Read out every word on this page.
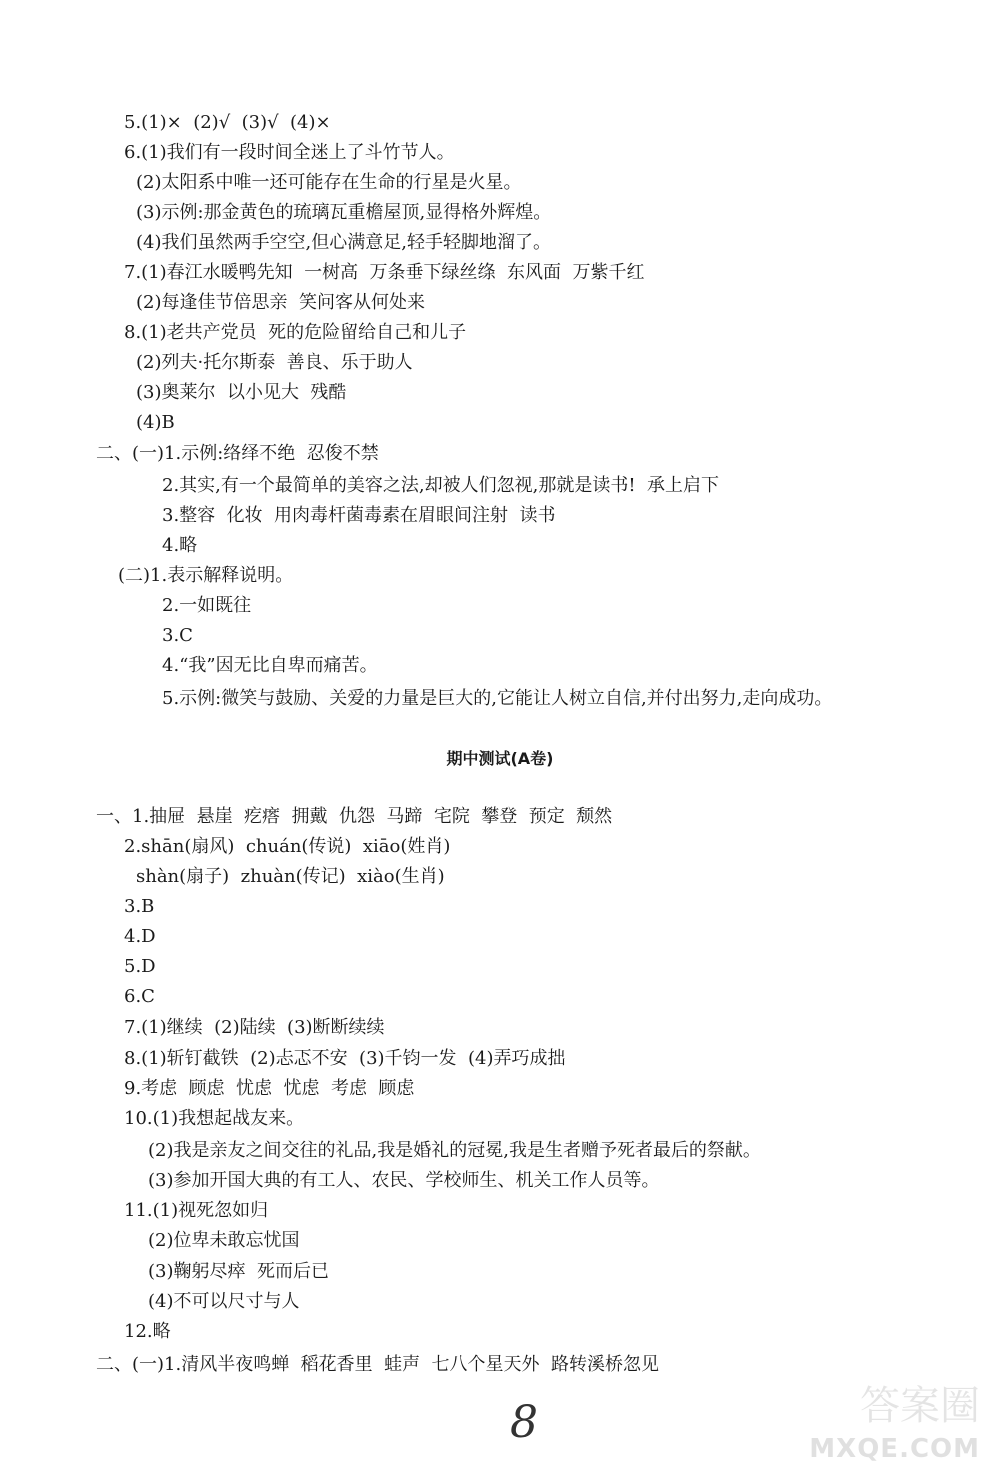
5.(1)×  (2)√  (3)√  (4)×
6.(1)我们有一段时间全迷上了斗竹节人。
(2)太阳系中唯一还可能存在生命的行星是火星。
(3)示例:那金黄色的琉璃瓦重檐屋顶,显得格外辉煌。
(4)我们虽然两手空空,但心满意足,轻手轻脚地溜了。
7.(1)春江水暖鸭先知  一树高  万条垂下绿丝绦  东风面  万紫千红
(2)每逢佳节倍思亲  笑问客从何处来
8.(1)老共产党员  死的危险留给自己和儿子
(2)列夫·托尔斯泰  善良、乐于助人
(3)奥莱尔  以小见大  残酷
(4)B
二、(一)1.示例:络绎不绝  忍俊不禁
2.其实,有一个最简单的美容之法,却被人们忽视,那就是读书!  承上启下
3.整容  化妆  用肉毒杆菌毒素在眉眼间注射  读书
4.略
(二)1.表示解释说明。
2.一如既往
3.C
4.“我”因无比自卑而痛苦。
5.示例:微笑与鼓励、关爱的力量是巨大的,它能让人树立自信,并付出努力,走向成功。
期中测试(A卷)
一、1.抽屉  悬崖  疙瘩  拥戴  仇怨  马蹄  宅院  攀登  预定  颓然
2.shān(扇风)  chuán(传说)  xiāo(姓肖)
shàn(扇子)  zhuàn(传记)  xiào(生肖)
3.B
4.D
5.D
6.C
7.(1)继续  (2)陆续  (3)断断续续
8.(1)斩钉截铁  (2)忐忑不安  (3)千钧一发  (4)弄巧成拙
9.考虑  顾虑  忧虑  忧虑  考虑  顾虑
10.(1)我想起战友来。
(2)我是亲友之间交往的礼品,我是婚礼的冠冕,我是生者赠予死者最后的祭献。
(3)参加开国大典的有工人、农民、学校师生、机关工作人员等。
11.(1)视死忽如归
(2)位卑未敢忘忧国
(3)鞠躬尽瘁  死而后已
(4)不可以尺寸与人
12.略
二、(一)1.清风半夜鸣蝉  稻花香里  蛙声  七八个星天外  路转溪桥忽见
8	答案圈
MXQE.COM
